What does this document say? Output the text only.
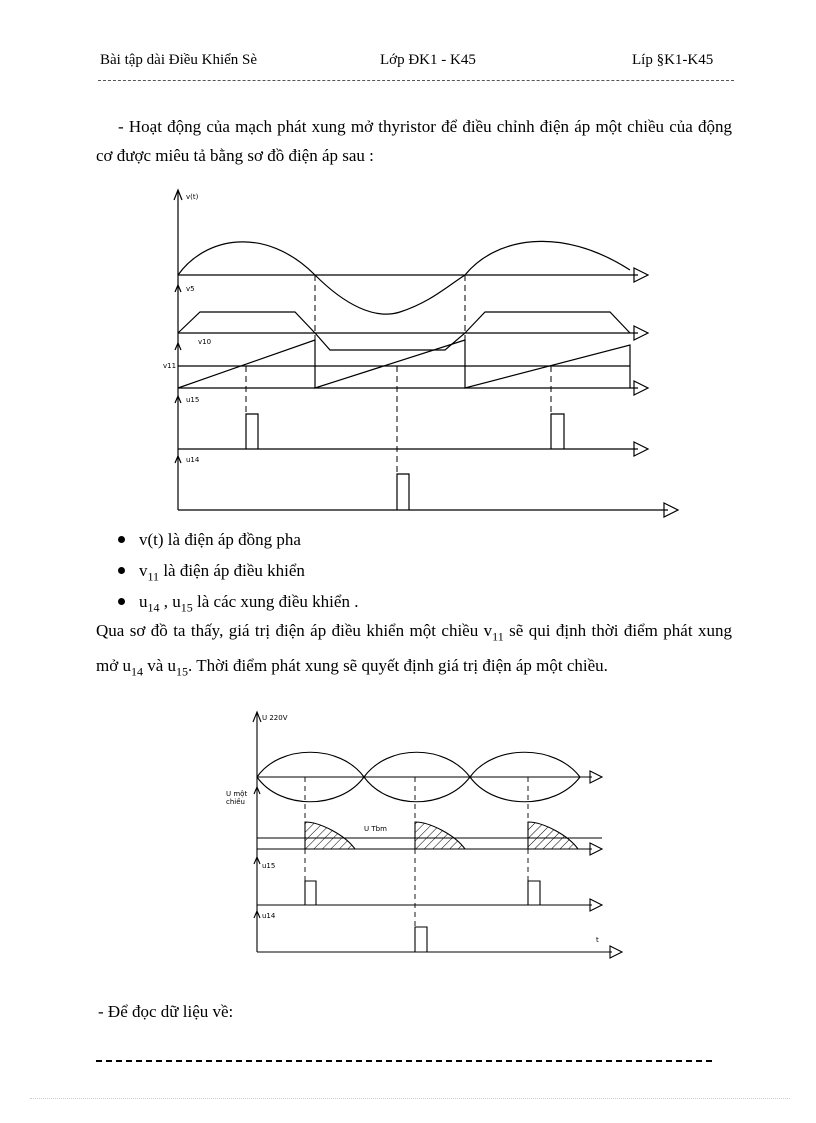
Bài tập dài Điều Khiển Sè	Lớp ĐK1 - K45	Líp §K1-K45
- Hoạt động của mạch phát xung mở thyristor để điều chỉnh điện áp một chiều của động cơ được miêu tả bằng sơ đồ điện áp sau :
v(t)
v5
v10
v11
u15
u14
v(t) là điện áp đồng pha
$v_{11}$ là điện áp điều khiển
$u_{14}$ , $u_{15}$ là các xung điều khiển .
Qua sơ đồ ta thấy, giá trị điện áp điều khiển một chiều $v_{11}$ sẽ qui định thời điểm phát xung mở $u_{14}$ và $u_{15}$. Thời điểm phát xung sẽ quyết định giá trị điện áp một chiều.
U 220V
U một
chiều
U Tbm
u15
u14
t
- Để đọc dữ liệu về:
